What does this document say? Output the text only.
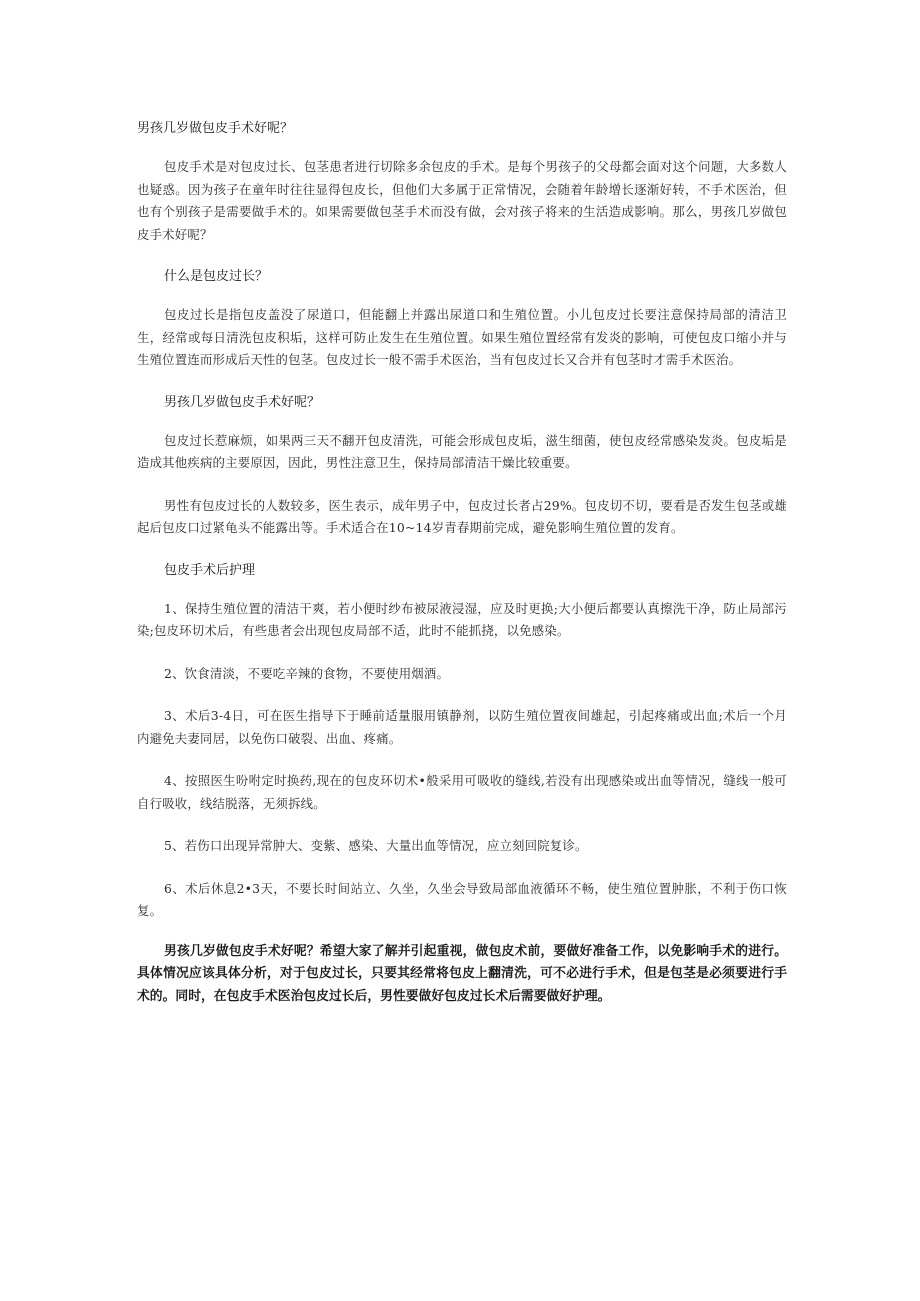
男孩几岁做包皮手术好呢？

包皮手术是对包皮过长、包茎患者进行切除多余包皮的手术。是每个男孩子的父母都会面对这个问题，大多数人也疑惑。因为孩子在童年时往往显得包皮长，但他们大多属于正常情况，会随着年龄增长逐渐好转，不手术医治，但也有个别孩子是需要做手术的。如果需要做包茎手术而没有做，会对孩子将来的生活造成影响。那么，男孩几岁做包皮手术好呢？

什么是包皮过长？

包皮过长是指包皮盖没了尿道口，但能翻上并露出尿道口和生殖位置。小儿包皮过长要注意保持局部的清洁卫生，经常或每日清洗包皮积垢，这样可防止发生在生殖位置。如果生殖位置经常有发炎的影响，可使包皮口缩小并与生殖位置连而形成后天性的包茎。包皮过长一般不需手术医治，当有包皮过长又合并有包茎时才需手术医治。

男孩几岁做包皮手术好呢？

包皮过长惹麻烦，如果两三天不翻开包皮清洗，可能会形成包皮垢，滋生细菌，使包皮经常感染发炎。包皮垢是造成其他疾病的主要原因，因此，男性注意卫生，保持局部清洁干燥比较重要。

男性有包皮过长的人数较多，医生表示，成年男子中，包皮过长者占29%。包皮切不切，要看是否发生包茎或雄起后包皮口过紧龟头不能露出等。手术适合在10~14岁青春期前完成，避免影响生殖位置的发育。

包皮手术后护理

1、保持生殖位置的清洁干爽，若小便时纱布被尿液浸湿，应及时更换;大小便后都要认真擦洗干净，防止局部污染;包皮环切术后，有些患者会出现包皮局部不适，此时不能抓挠，以免感染。

2、饮食清淡，不要吃辛辣的食物，不要使用烟酒。

3、术后3-4日，可在医生指导下于睡前适量服用镇静剂，以防生殖位置夜间雄起，引起疼痛或出血;术后一个月内避免夫妻同居，以免伤口破裂、出血、疼痛。

4、按照医生吩咐定时换药,现在的包皮环切术•般采用可吸收的缝线,若没有出现感染或出血等情况，缝线一般可自行吸收，线结脱落，无须拆线。

5、若伤口出现异常肿大、变紫、感染、大量出血等情况，应立刻回院复诊。

6、术后休息2•3天，不要长时间站立、久坐，久坐会导致局部血液循环不畅，使生殖位置肿胀，不利于伤口恢复。

男孩几岁做包皮手术好呢？希望大家了解并引起重视，做包皮术前，要做好准备工作，以免影响手术的进行。具体情况应该具体分析，对于包皮过长，只要其经常将包皮上翻清洗，可不必进行手术，但是包茎是必须要进行手术的。同时，在包皮手术医治包皮过长后，男性要做好包皮过长术后需要做好护理。
